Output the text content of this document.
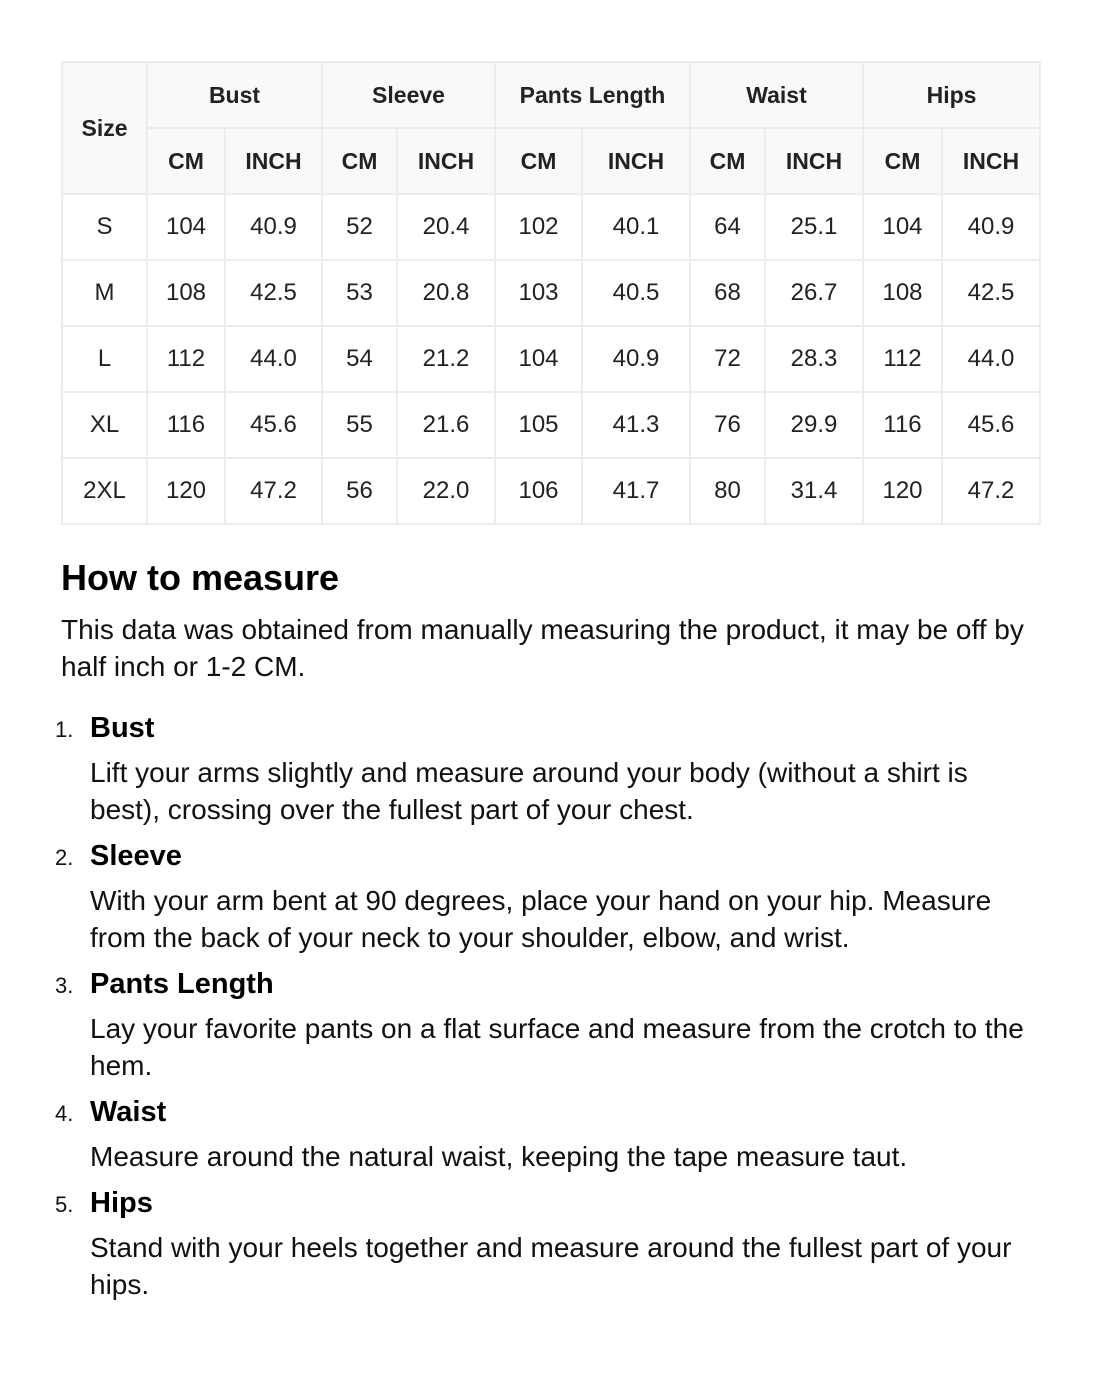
Size	Bust		Sleeve		Pants Length		Waist		Hips	
	CM	INCH	CM	INCH	CM	INCH	CM	INCH	CM	INCH
S	104	40.9	52	20.4	102	40.1	64	25.1	104	40.9
M	108	42.5	53	20.8	103	40.5	68	26.7	108	42.5
L	112	44.0	54	21.2	104	40.9	72	28.3	112	44.0
XL	116	45.6	55	21.6	105	41.3	76	29.9	116	45.6
2XL	120	47.2	56	22.0	106	41.7	80	31.4	120	47.2
How to measure

This data was obtained from manually measuring the product, it may be off by half inch or 1-2 CM.

1. Bust
Lift your arms slightly and measure around your body (without a shirt is best), crossing over the fullest part of your chest.
2. Sleeve
With your arm bent at 90 degrees, place your hand on your hip. Measure from the back of your neck to your shoulder, elbow, and wrist.
3. Pants Length
Lay your favorite pants on a flat surface and measure from the crotch to the hem.
4. Waist
Measure around the natural waist, keeping the tape measure taut.
5. Hips
Stand with your heels together and measure around the fullest part of your hips.
